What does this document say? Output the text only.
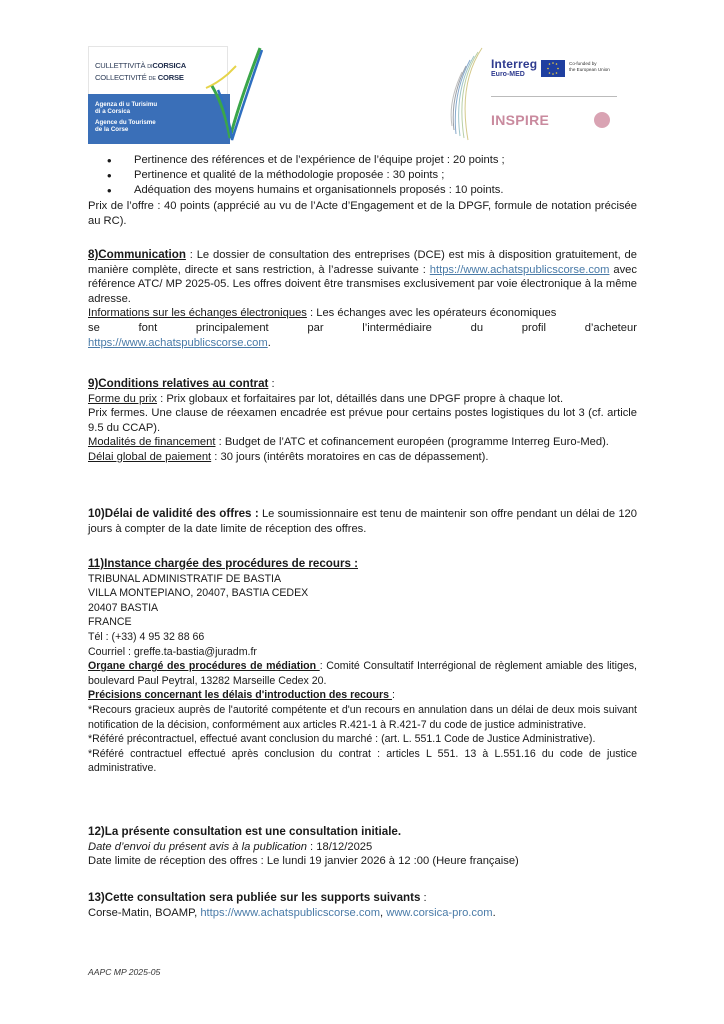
CULLETTIVITÀ DICORSICA
COLLECTIVITÉ DE CORSE
Agenza di u Turisimu
di a Corsica
Agence du Tourisme
de la Corse
Interreg
Euro-MED
Co-funded by
the European Union
INSPIRE
• Pertinence des références et de l’expérience de l’équipe projet : 20 points ;
• Pertinence et qualité de la méthodologie proposée : 30 points ;
• Adéquation des moyens humains et organisationnels proposés : 10 points.
Prix de l’offre : 40 points (apprécié au vu de l’Acte d’Engagement et de la DPGF, formule de notation précisée au RC).
8)Communication : Le dossier de consultation des entreprises (DCE) est mis à disposition gratuitement, de manière complète, directe et sans restriction, à l’adresse suivante : https://www.achatspublicscorse.com avec référence ATC/ MP 2025-05. Les offres doivent être transmises exclusivement par voie électronique à la même adresse.
Informations sur les échanges électroniques : Les échanges avec les opérateurs économiques
se	font	principalement	par	l’intermédiaire	du	profil	d’acheteur
https://www.achatspublicscorse.com.
9)Conditions relatives au contrat :
Forme du prix : Prix globaux et forfaitaires par lot, détaillés dans une DPGF propre à chaque lot.
Prix fermes. Une clause de réexamen encadrée est prévue pour certains postes logistiques du lot 3 (cf. article 9.5 du CCAP).
Modalités de financement : Budget de l’ATC et cofinancement européen (programme Interreg Euro-Med).
Délai global de paiement : 30 jours (intérêts moratoires en cas de dépassement).
10)Délai de validité des offres : Le soumissionnaire est tenu de maintenir son offre pendant un délai de 120 jours à compter de la date limite de réception des offres.
11)Instance chargée des procédures de recours :
TRIBUNAL ADMINISTRATIF DE BASTIA
VILLA MONTEPIANO, 20407, BASTIA CEDEX
20407 BASTIA
FRANCE
Tél : (+33) 4 95 32 88 66
Courriel : greffe.ta-bastia@juradm.fr
Organe chargé des procédures de médiation : Comité Consultatif Interrégional de règlement amiable des litiges, boulevard Paul Peytral, 13282 Marseille Cedex 20.
Précisions concernant les délais d'introduction des recours :
*Recours gracieux auprès de l'autorité compétente et d'un recours en annulation dans un délai de deux mois suivant notification de la décision, conformément aux articles R.421-1 à R.421-7 du code de justice administrative.
*Référé précontractuel, effectué avant conclusion du marché : (art. L. 551.1 Code de Justice Administrative).
*Référé contractuel effectué après conclusion du contrat : articles L 551. 13 à L.551.16 du code de justice administrative.
12)La présente consultation est une consultation initiale.
Date d’envoi du présent avis à la publication : 18/12/2025
Date limite de réception des offres : Le lundi 19 janvier 2026 à 12 :00 (Heure française)
13)Cette consultation sera publiée sur les supports suivants :
Corse-Matin, BOAMP, https://www.achatspublicscorse.com, www.corsica-pro.com.
AAPC MP 2025-05
